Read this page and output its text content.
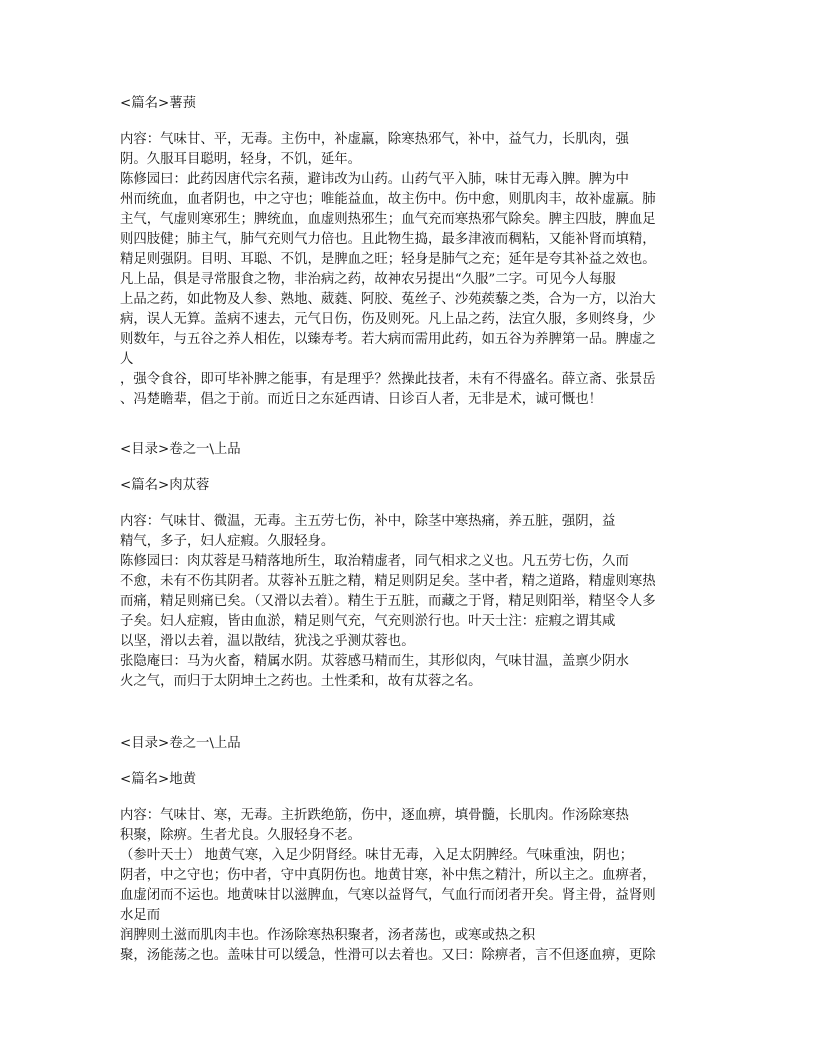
<篇名>薯蓣
内容：气味甘、平，无毒。主伤中，补虚羸，除寒热邪气，补中，益气力，长肌肉，强
阴。久服耳目聪明，轻身，不饥，延年。
陈修园曰：此药因唐代宗名蓣，避讳改为山药。山药气平入肺，味甘无毒入脾。脾为中
州而统血，血者阴也，中之守也；唯能益血，故主伤中。伤中愈，则肌肉丰，故补虚羸。肺
主气，气虚则寒邪生；脾统血，血虚则热邪生；血气充而寒热邪气除矣。脾主四肢，脾血足
则四肢健；肺主气，肺气充则气力倍也。且此物生捣，最多津液而稠粘，又能补肾而填精，
精足则强阴。目明、耳聪、不饥，是脾血之旺；轻身是肺气之充；延年是夸其补益之效也。
凡上品，俱是寻常服食之物，非治病之药，故神农另提出“久服”二字。可见今人每服
上品之药，如此物及人参、熟地、葳蕤、阿胶、菟丝子、沙苑蒺藜之类，合为一方，以治大
病，误人无算。盖病不速去，元气日伤，伤及则死。凡上品之药，法宜久服，多则终身，少
则数年，与五谷之养人相佐，以臻寿考。若大病而需用此药，如五谷为养脾第一品。脾虚之
人
，强令食谷，即可毕补脾之能事，有是理乎？然操此技者，未有不得盛名。薛立斋、张景岳
、冯楚瞻辈，倡之于前。而近日之东延西请、日诊百人者，无非是术，诚可慨也！
<目录>卷之一\上品
<篇名>肉苁蓉
内容：气味甘、微温，无毒。主五劳七伤，补中，除茎中寒热痛，养五脏，强阴，益
精气，多子，妇人症瘕。久服轻身。
陈修园曰：肉苁蓉是马精落地所生，取治精虚者，同气相求之义也。凡五劳七伤，久而
不愈，未有不伤其阴者。苁蓉补五脏之精，精足则阴足矣。茎中者，精之道路，精虚则寒热
而痛，精足则痛已矣。（又滑以去着）。精生于五脏，而藏之于肾，精足则阳举，精坚令人多
子矣。妇人症瘕，皆由血淤，精足则气充，气充则淤行也。叶天士注：症瘕之谓其咸
以坚，滑以去着，温以散结，犹浅之乎测苁蓉也。
张隐庵曰：马为火畜，精属水阴。苁蓉感马精而生，其形似肉，气味甘温，盖禀少阴水
火之气，而归于太阴坤土之药也。土性柔和，故有苁蓉之名。
<目录>卷之一\上品
<篇名>地黄
内容：气味甘、寒，无毒。主折跌绝筋，伤中，逐血痹，填骨髓，长肌肉。作汤除寒热
积聚，除痹。生者尤良。久服轻身不老。
（参叶天士） 地黄气寒，入足少阴肾经。味甘无毒，入足太阴脾经。气味重浊，阴也；
阴者，中之守也；伤中者，守中真阴伤也。地黄甘寒，补中焦之精汁，所以主之。血痹者，
血虚闭而不运也。地黄味甘以滋脾血，气寒以益肾气，气血行而闭者开矣。肾主骨，益肾则
水足而
润脾则土滋而肌肉丰也。作汤除寒热积聚者，汤者荡也，或寒或热之积
聚，汤能荡之也。盖味甘可以缓急，性滑可以去着也。又曰：除痹者，言不但逐血痹，更除
